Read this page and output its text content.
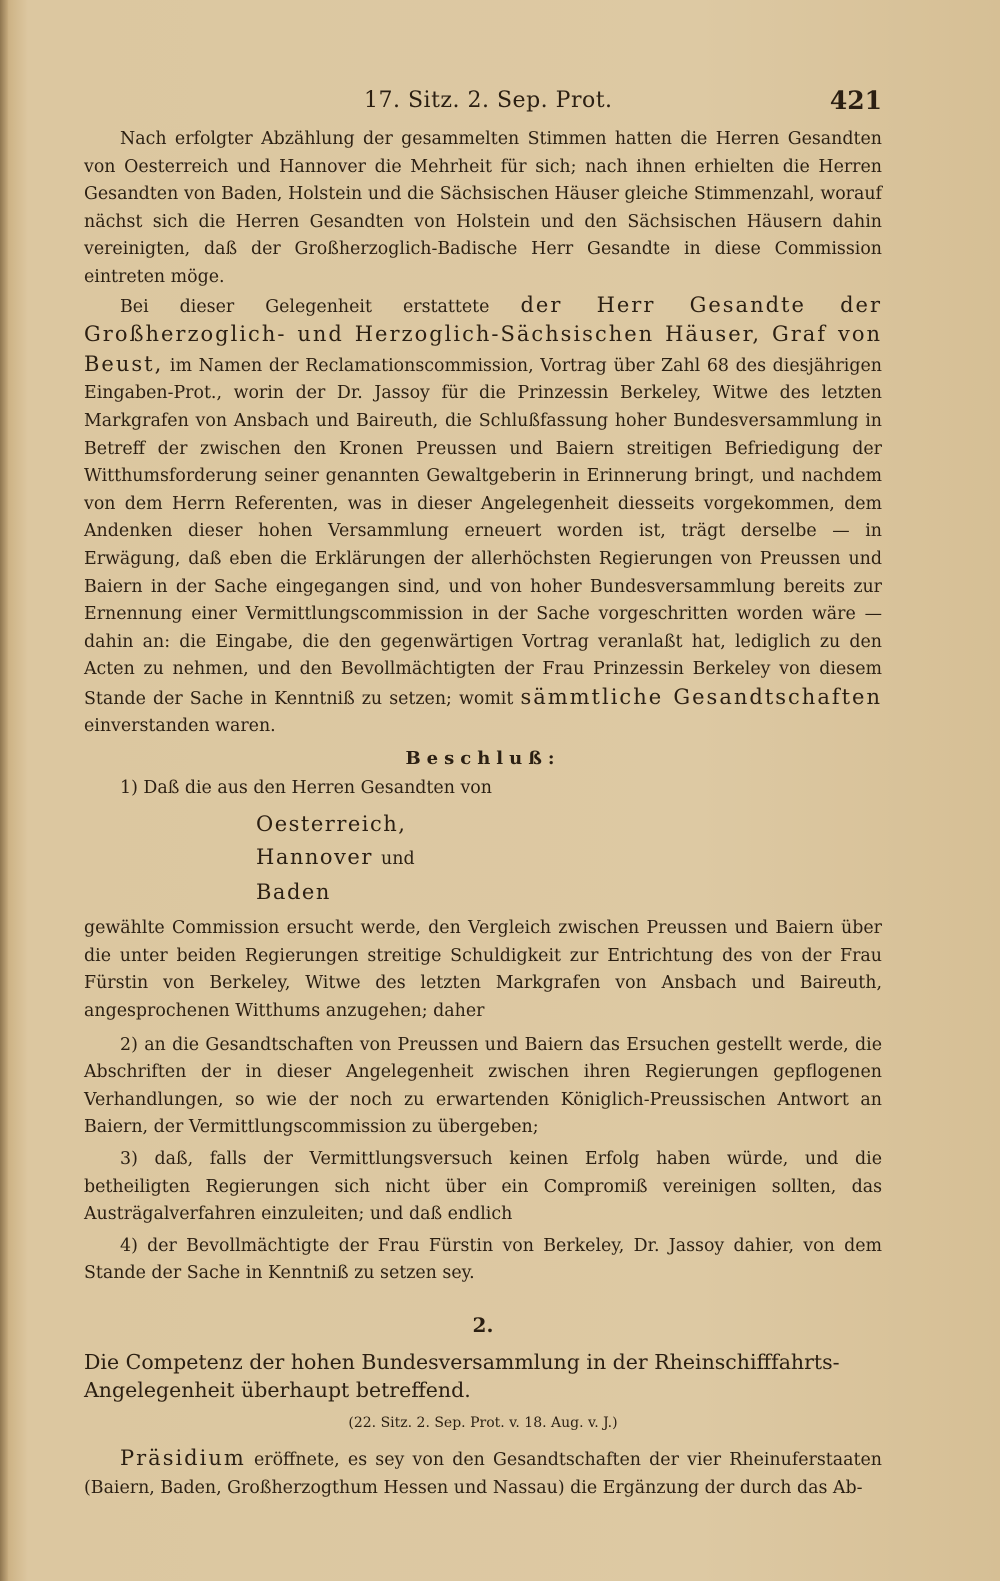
17. Sitz. 2. Sep. Prot.	421

Nach erfolgter Abzählung der gesammelten Stimmen hatten die Herren Gesandten von Oesterreich und Hannover die Mehrheit für sich; nach ihnen erhielten die Herren Gesandten von Baden, Holstein und die Sächsischen Häuser gleiche Stimmenzahl, worauf nächst sich die Herren Gesandten von Holstein und den Sächsischen Häusern dahin vereinigten, daß der Großherzoglich-Badische Herr Gesandte in diese Commission eintreten möge.

Bei dieser Gelegenheit erstattete der Herr Gesandte der Großherzoglich- und Herzoglich-Sächsischen Häuser, Graf von Beust, im Namen der Reclamationscommission, Vortrag über Zahl 68 des diesjährigen Eingaben-Prot., worin der Dr. Jassoy für die Prinzessin Berkeley, Witwe des letzten Markgrafen von Ansbach und Baireuth, die Schlußfassung hoher Bundesversammlung in Betreff der zwischen den Kronen Preussen und Baiern streitigen Befriedigung der Witthumsforderung seiner genannten Gewaltgeberin in Erinnerung bringt, und nachdem von dem Herrn Referenten, was in dieser Angelegenheit diesseits vorgekommen, dem Andenken dieser hohen Versammlung erneuert worden ist, trägt derselbe — in Erwägung, daß eben die Erklärungen der allerhöchsten Regierungen von Preussen und Baiern in der Sache eingegangen sind, und von hoher Bundesversammlung bereits zur Ernennung einer Vermittlungscommission in der Sache vorgeschritten worden wäre — dahin an: die Eingabe, die den gegenwärtigen Vortrag veranlaßt hat, lediglich zu den Acten zu nehmen, und den Bevollmächtigten der Frau Prinzessin Berkeley von diesem Stande der Sache in Kenntniß zu setzen; womit sämmtliche Gesandtschaften einverstanden waren.

Beschluß:

1) Daß die aus den Herren Gesandten von

Oesterreich,
Hannover und
Baden

gewählte Commission ersucht werde, den Vergleich zwischen Preussen und Baiern über die unter beiden Regierungen streitige Schuldigkeit zur Entrichtung des von der Frau Fürstin von Berkeley, Witwe des letzten Markgrafen von Ansbach und Baireuth, angesprochenen Witthums anzugehen; daher

2) an die Gesandtschaften von Preussen und Baiern das Ersuchen gestellt werde, die Abschriften der in dieser Angelegenheit zwischen ihren Regierungen gepflogenen Verhandlungen, so wie der noch zu erwartenden Königlich-Preussischen Antwort an Baiern, der Vermittlungscommission zu übergeben;

3) daß, falls der Vermittlungsversuch keinen Erfolg haben würde, und die betheiligten Regierungen sich nicht über ein Compromiß vereinigen sollten, das Austrägalverfahren einzuleiten; und daß endlich

4) der Bevollmächtigte der Frau Fürstin von Berkeley, Dr. Jassoy dahier, von dem Stande der Sache in Kenntniß zu setzen sey.

2.

Die Competenz der hohen Bundesversammlung in der Rheinschifffahrts-Angelegenheit überhaupt betreffend.

(22. Sitz. 2. Sep. Prot. v. 18. Aug. v. J.)

Präsidium eröffnete, es sey von den Gesandtschaften der vier Rheinuferstaaten (Baiern, Baden, Großherzogthum Hessen und Nassau) die Ergänzung der durch das Ab-
